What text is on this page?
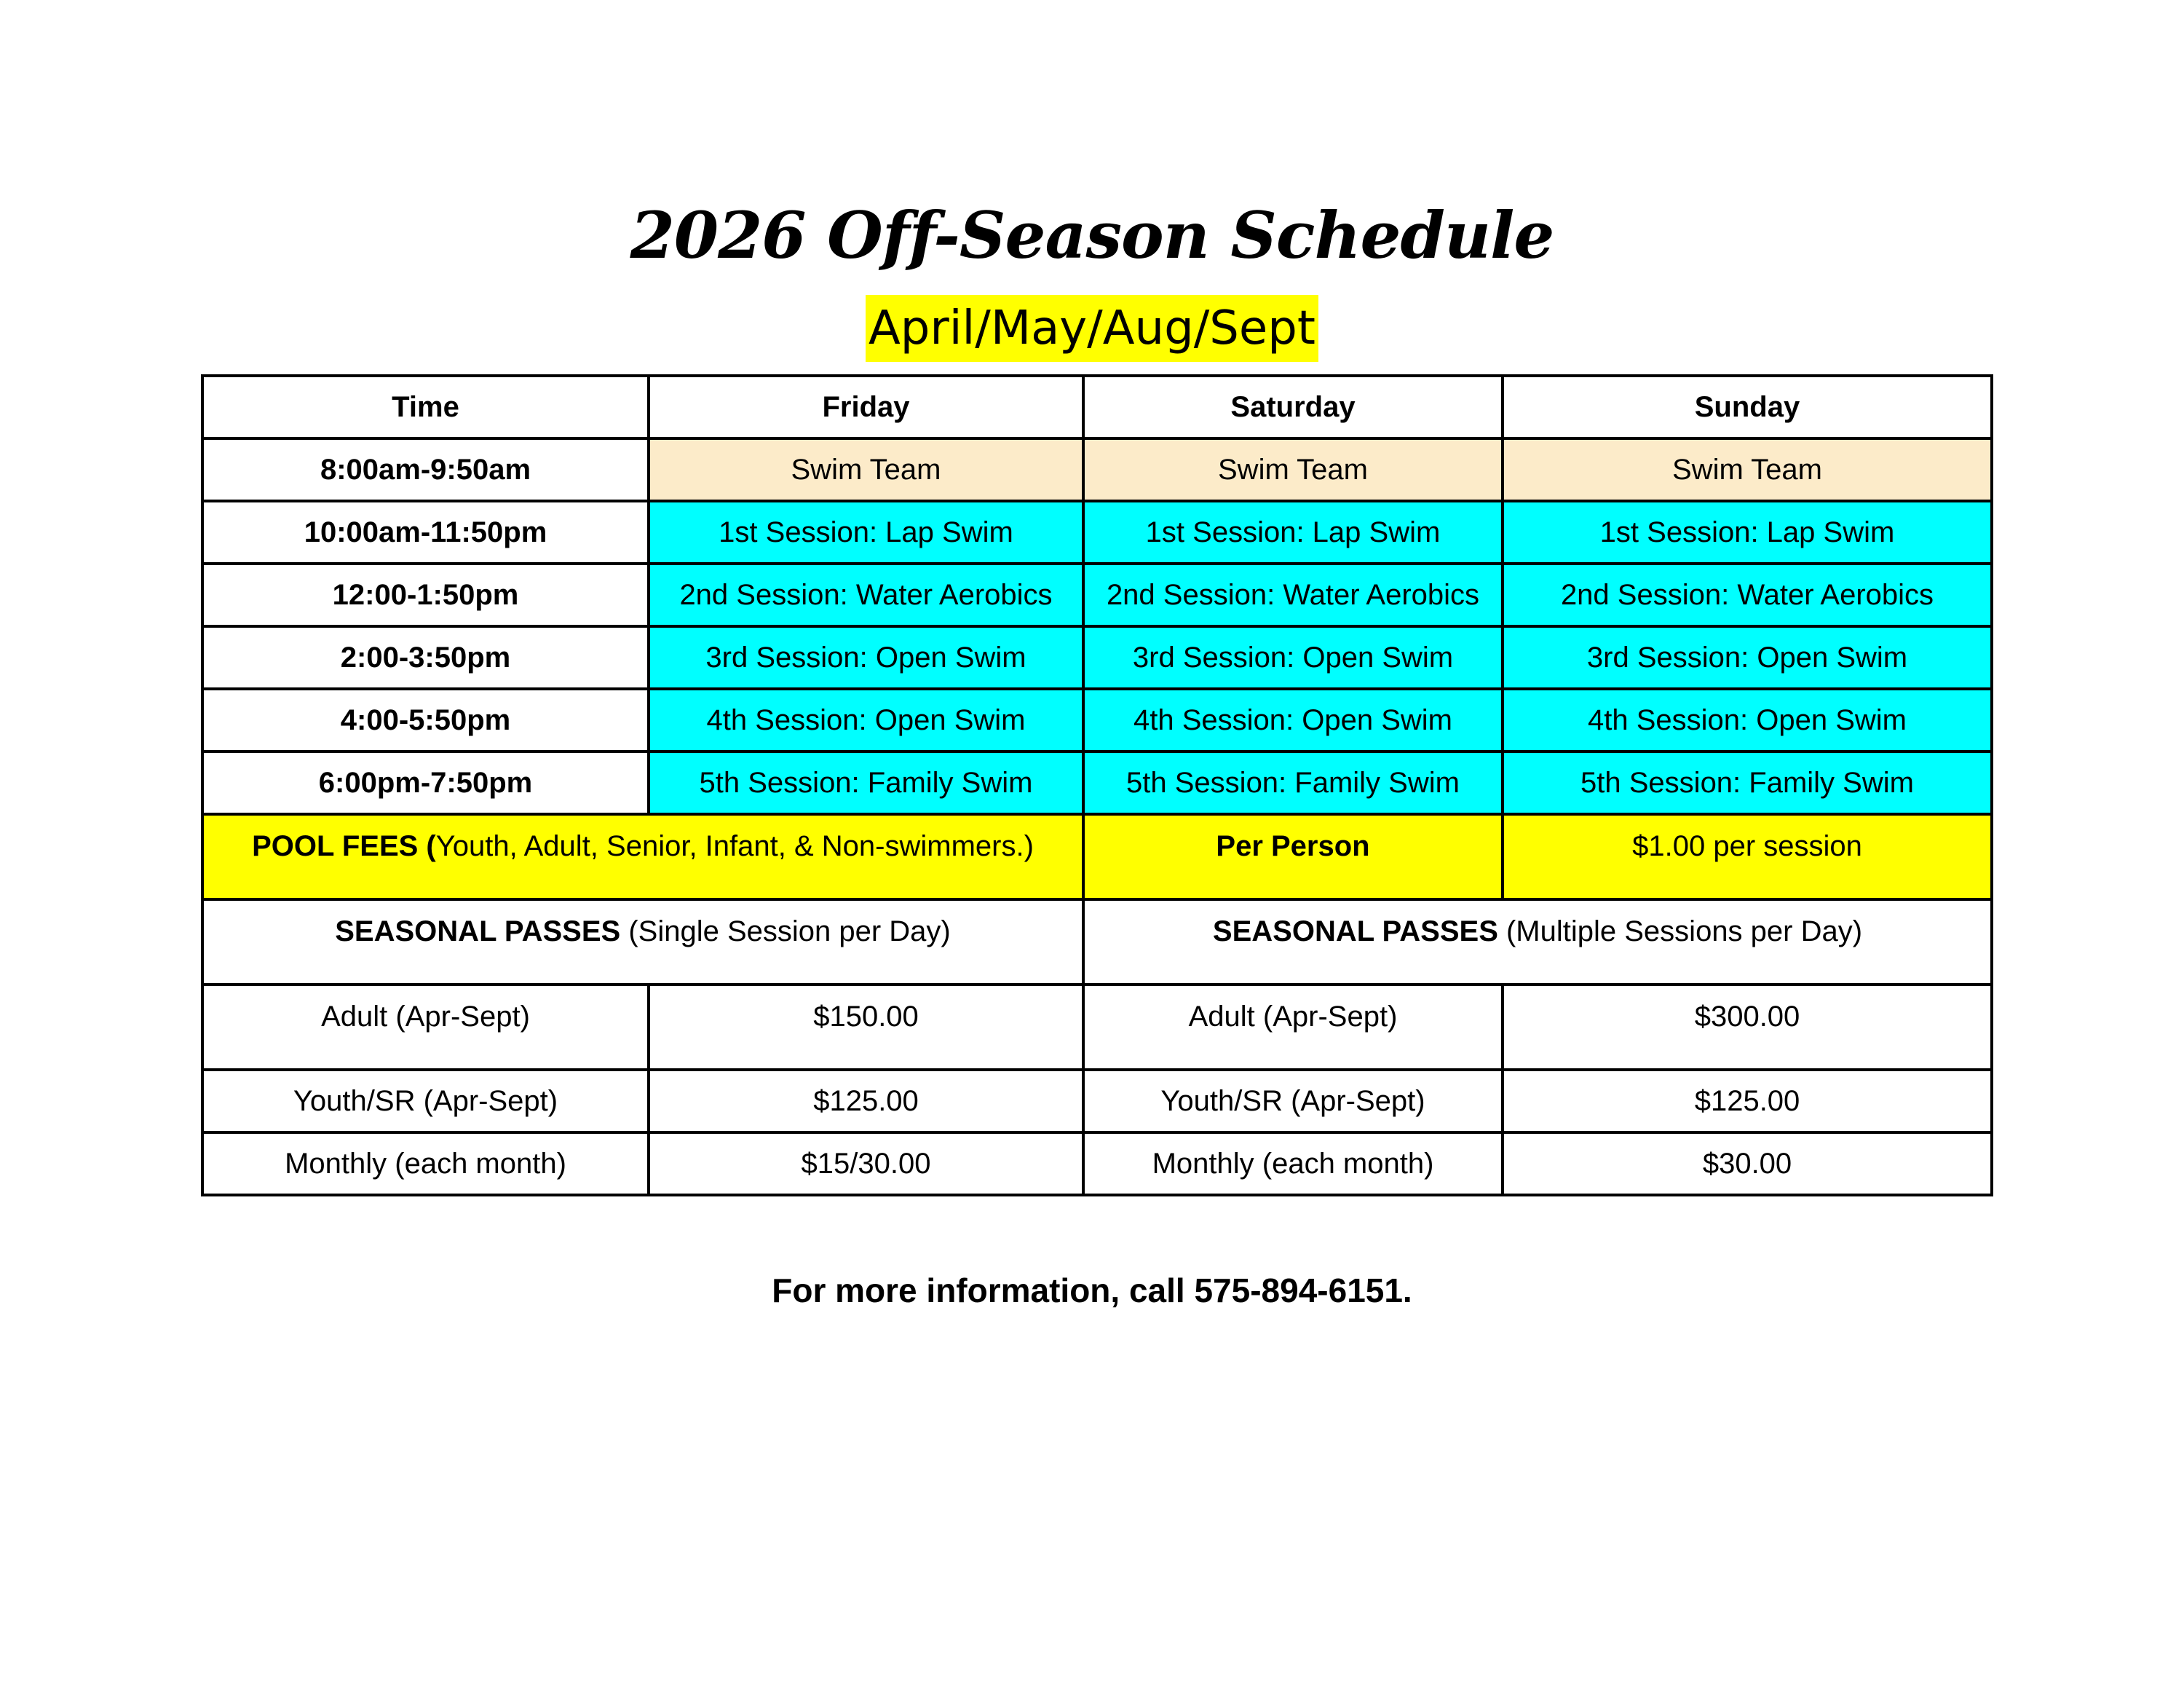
2026 Off-Season Schedule
April/May/Aug/Sept
Time	Friday	Saturday	Sunday
8:00am-9:50am	Swim Team	Swim Team	Swim Team
10:00am-11:50pm	1st Session: Lap Swim	1st Session: Lap Swim	1st Session: Lap Swim
12:00-1:50pm	2nd Session: Water Aerobics	2nd Session: Water Aerobics	2nd Session: Water Aerobics
2:00-3:50pm	3rd Session: Open Swim	3rd Session: Open Swim	3rd Session: Open Swim
4:00-5:50pm	4th Session: Open Swim	4th Session: Open Swim	4th Session: Open Swim
6:00pm-7:50pm	5th Session: Family Swim	5th Session: Family Swim	5th Session: Family Swim
POOL FEES (Youth, Adult, Senior, Infant, & Non-swimmers.)		Per Person	$1.00 per session
SEASONAL PASSES (Single Session per Day)		SEASONAL PASSES (Multiple Sessions per Day)	
Adult (Apr-Sept)	$150.00	Adult (Apr-Sept)	$300.00
Youth/SR (Apr-Sept)	$125.00	Youth/SR (Apr-Sept)	$125.00
Monthly (each month)	$15/30.00	Monthly (each month)	$30.00
For more information, call 575-894-6151.
